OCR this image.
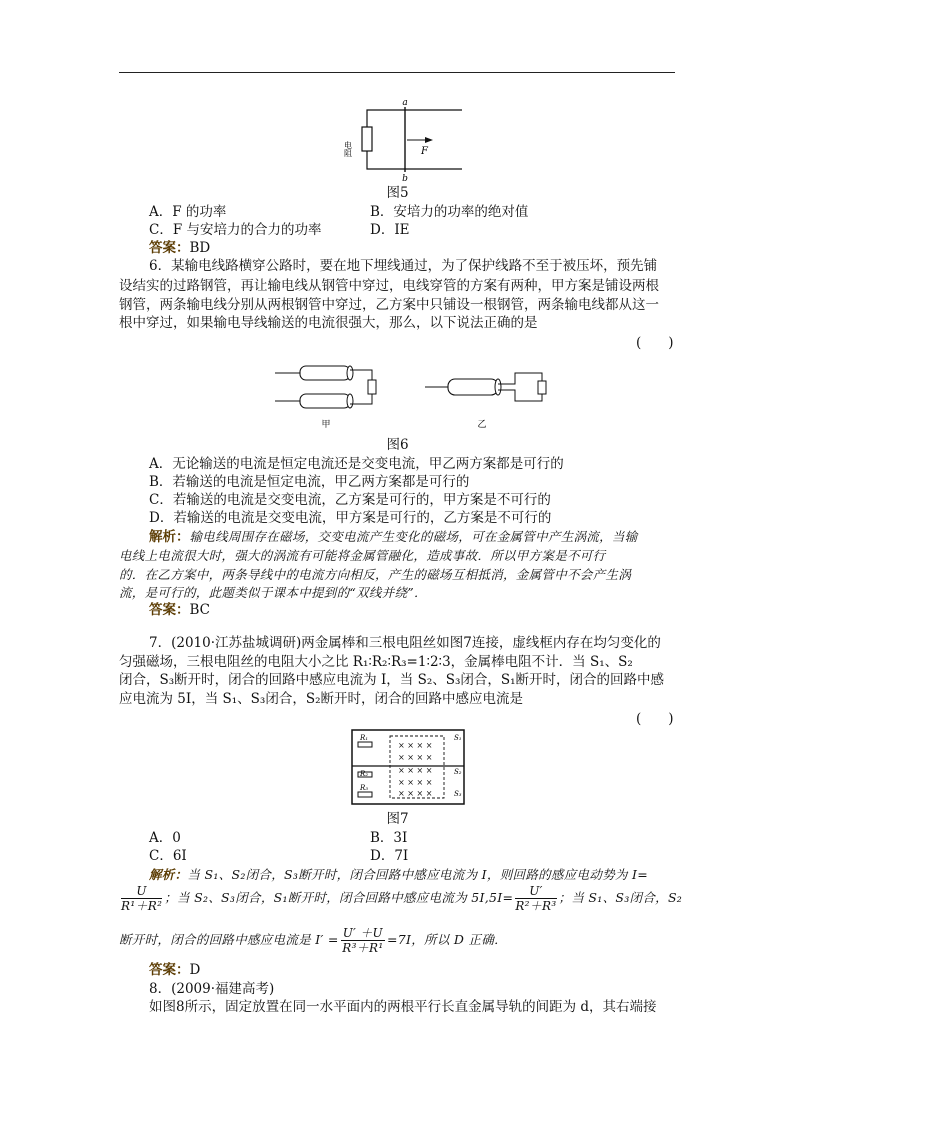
a
b
F
电阻
图5
A．F 的功率	B．安培力的功率的绝对值
C．F 与安培力的合力的功率	D．IE
答案：BD
6．某输电线路横穿公路时，要在地下埋线通过，为了保护线路不至于被压坏，预先铺
设结实的过路钢管，再让输电线从钢管中穿过，电线穿管的方案有两种，甲方案是铺设两根
钢管，两条输电线分别从两根钢管中穿过，乙方案中只铺设一根钢管，两条输电线都从这一
根中穿过，如果输电导线输送的电流很强大，那么，以下说法正确的是
(　　)
甲	乙
图6
A．无论输送的电流是恒定电流还是交变电流，甲乙两方案都是可行的
B．若输送的电流是恒定电流，甲乙两方案都是可行的
C．若输送的电流是交变电流，乙方案是可行的，甲方案是不可行的
D．若输送的电流是交变电流，甲方案是可行的，乙方案是不可行的
解析：输电线周围存在磁场，交变电流产生变化的磁场，可在金属管中产生涡流，当输
电线上电流很大时，强大的涡流有可能将金属管融化，造成事故．所以甲方案是不可行
的．在乙方案中，两条导线中的电流方向相反，产生的磁场互相抵消，金属管中不会产生涡
流，是可行的，此题类似于课本中提到的“双线并绕”．
答案：BC
7．(2010·江苏盐城调研)两金属棒和三根电阻丝如图7连接，虚线框内存在均匀变化的
匀强磁场，三根电阻丝的电阻大小之比 R₁∶R₂∶R₃=1∶2∶3，金属棒电阻不计．当 S₁、S₂
闭合，S₃断开时，闭合的回路中感应电流为 I，当 S₂、S₃闭合，S₁断开时，闭合的回路中感
应电流为 5I，当 S₁、S₃闭合，S₂断开时，闭合的回路中感应电流是
(　　)
× × × ×
× × × ×
× × × ×
× × × ×
× × × ×
R₁
R₂
R₃
S₁
S₂
S₃
图7
A．0	B．3I
C．6I	D．7I
解析：当 S₁、S₂闭合，S₃断开时，闭合回路中感应电流为 I，则回路的感应电动势为 I=
$\frac{U}{\text{R¹＋R²}}$ ；当 S₂、S₃闭合，S₁断开时，闭合回路中感应电流为 $5I,5I= \frac{U'}{\text{R²＋R³}}$ ；当 S₁、S₃闭合，S₂
断开时，闭合的回路中感应电流是 $I' = \frac{U' +U}{\text{R³＋R¹}} =7I$，所以 D 正确．
答案：D
8．(2009·福建高考)
如图8所示，固定放置在同一水平面内的两根平行长直金属导轨的间距为 d，其右端接
